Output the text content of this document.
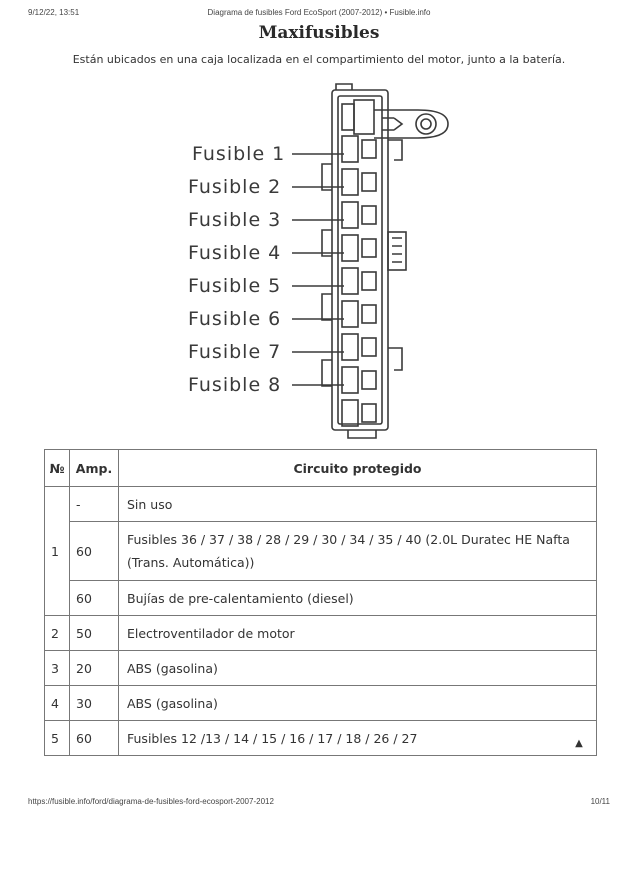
9/12/22, 13:51	Diagrama de fusibles Ford EcoSport (2007-2012) • Fusible.info
Maxifusibles
Están ubicados en una caja localizada en el compartimiento del motor, junto a la batería.
Fusible 1
Fusible 2
Fusible 3
Fusible 4
Fusible 5
Fusible 6
Fusible 7
Fusible 8
№	Amp.	Circuito protegido
1	-	Sin uso
	60	Fusibles 36 / 37 / 38 / 28 / 29 / 30 / 34 / 35 / 40 (2.0L Duratec HE Nafta (Trans. Automática))
	60	Bujías de pre-calentamiento (diesel)
2	50	Electroventilador de motor
3	20	ABS (gasolina)
4	30	ABS (gasolina)
5	60	Fusibles 12 /13 / 14 / 15 / 16 / 17 / 18 / 26 / 27	▲
https://fusible.info/ford/diagrama-de-fusibles-ford-ecosport-2007-2012	10/11
